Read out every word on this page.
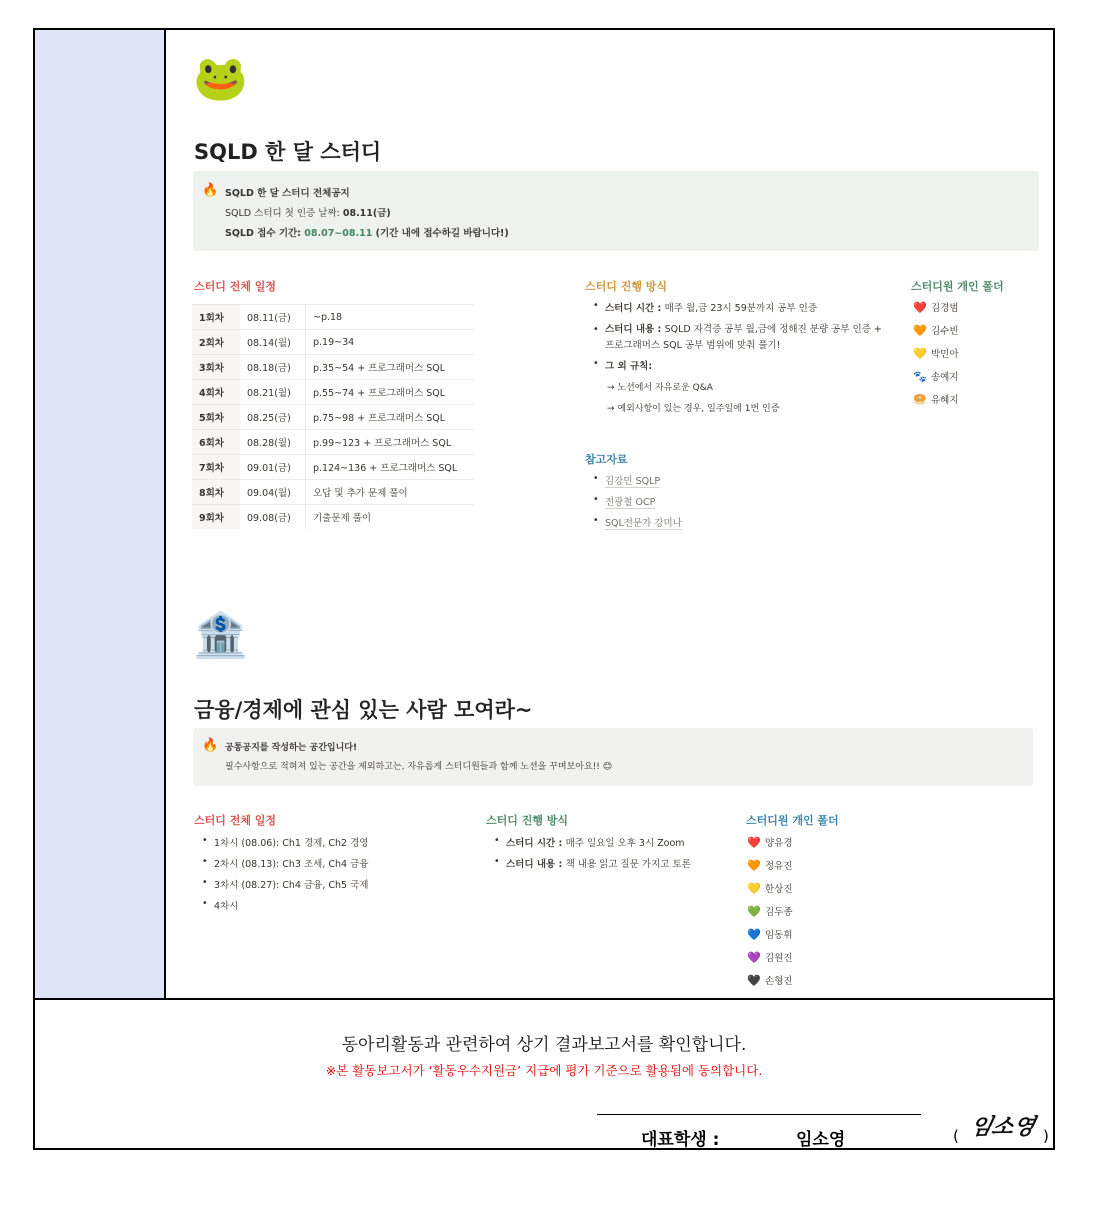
🐸
SQLD 한 달 스터디
🔥 SQLD 한 달 스터디 전체공지
SQLD 스터디 첫 인증 날짜: 08.11(금)
SQLD 접수 기간: 08.07~08.11 (기간 내에 접수하길 바랍니다!)
스터디 전체 일정
1회차	08.11(금)	~p.18
2회차	08.14(월)	p.19~34
3회차	08.18(금)	p.35~54 + 프로그래머스 SQL
4회차	08.21(월)	p.55~74 + 프로그래머스 SQL
5회차	08.25(금)	p.75~98 + 프로그래머스 SQL
6회차	08.28(월)	p.99~123 + 프로그래머스 SQL
7회차	09.01(금)	p.124~136 + 프로그래머스 SQL
8회차	09.04(월)	오답 및 추가 문제 풀이
9회차	09.08(금)	기출문제 풀이
스터디 진행 방식
• 스터디 시간 : 매주 월,금 23시 59분까지 공부 인증
• 스터디 내용 : SQLD 자격증 공부 월,금에 정해진 분량 공부 인증 +
프로그래머스 SQL 공부 범위에 맞춰 풀기!
• 그 외 규칙:
→ 노션에서 자유로운 Q&A
→ 예외사항이 있는 경우, 일주일에 1번 인증
참고자료
• 김강민 SQLP
• 전광철 OCP
• SQL전문가 강미나
스터디원 개인 폴더
❤️ 김경범
🧡 김수빈
💛 박민아
🐾 송예지
🥯 유혜지
🏦
금융/경제에 관심 있는 사람 모여라~
🔥 공통공지를 작성하는 공간입니다!
필수사항으로 적혀져 있는 공간을 제외하고는, 자유롭게 스터디원들과 함께 노션을 꾸며보아요!! 😊
스터디 전체 일정
• 1차시 (08.06): Ch1 경제, Ch2 경영
• 2차시 (08.13): Ch3 조세, Ch4 금융
• 3차시 (08.27): Ch4 금융, Ch5 국제
• 4차시
스터디 진행 방식
• 스터디 시간 : 매주 일요일 오후 3시 Zoom
• 스터디 내용 : 책 내용 읽고 질문 가지고 토론
스터디원 개인 폴더
❤️ 양유경
🧡 정유진
💛 한상진
💚 김두종
💙 임동휘
💜 김원진
🖤 손형진
동아리활동과 관련하여 상기 결과보고서를 확인합니다.
※본 활동보고서가 ‘활동우수지원금’ 지급에 평가 기준으로 활용됨에 동의합니다.
대표학생 :	임소영	( 임소영 )
